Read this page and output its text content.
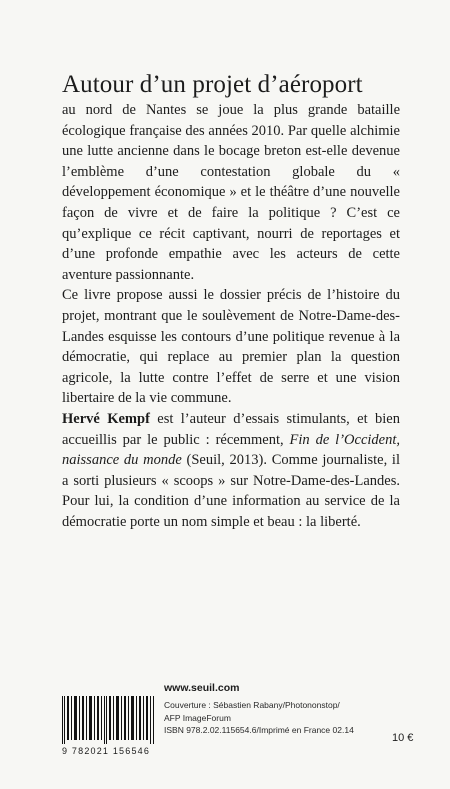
Autour d’un projet d’aéroport

au nord de Nantes se joue la plus grande bataille écologique française des années 2010. Par quelle alchimie une lutte ancienne dans le bocage breton est-elle devenue l’emblème d’une contestation globale du « développement économique » et le théâtre d’une nouvelle façon de vivre et de faire la politique ? C’est ce qu’explique ce récit captivant, nourri de reportages et d’une profonde empathie avec les acteurs de cette aventure passionnante.

Ce livre propose aussi le dossier précis de l’histoire du projet, montrant que le soulèvement de Notre-Dame-des-Landes esquisse les contours d’une politique revenue à la démocratie, qui replace au premier plan la question agricole, la lutte contre l’effet de serre et une vision libertaire de la vie commune.

Hervé Kempf est l’auteur d’essais stimulants, et bien accueillis par le public : récemment, Fin de l’Occident, naissance du monde (Seuil, 2013). Comme journaliste, il a sorti plusieurs « scoops » sur Notre-Dame-des-Landes. Pour lui, la condition d’une information au service de la démocratie porte un nom simple et beau : la liberté.

9 782021 156546
www.seuil.com
Couverture : Sébastien Rabany/Photononstop/
AFP ImageForum
ISBN 978.2.02.115654.6/Imprimé en France 02.14
10 €
